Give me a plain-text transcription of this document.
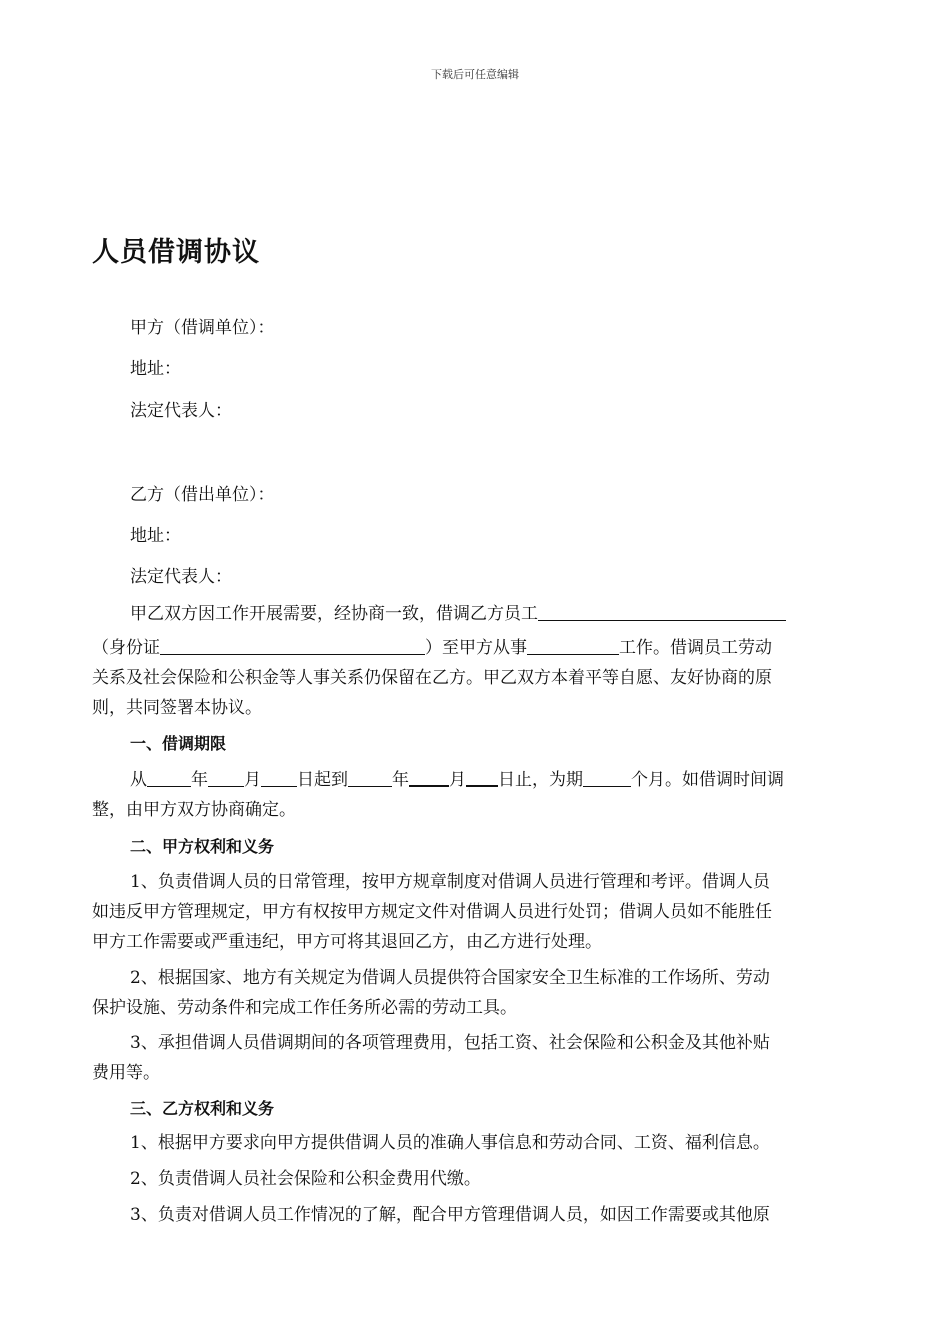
下载后可任意编辑
人员借调协议
甲方（借调单位）：
地址：
法定代表人：
乙方（借出单位）：
地址：
法定代表人：
甲乙双方因工作开展需要，经协商一致，借调乙方员工
（身份证	）至甲方从事	工作。借调员工劳动
关系及社会保险和公积金等人事关系仍保留在乙方。甲乙双方本着平等自愿、友好协商的原
则，共同签署本协议。
一、借调期限
从	年 月 日起到	年 月 日止，为期	个月。如借调时间调
整，由甲方双方协商确定。
二、甲方权利和义务
1、负责借调人员的日常管理，按甲方规章制度对借调人员进行管理和考评。借调人员
如违反甲方管理规定，甲方有权按甲方规定文件对借调人员进行处罚；借调人员如不能胜任
甲方工作需要或严重违纪，甲方可将其退回乙方，由乙方进行处理。
2、根据国家、地方有关规定为借调人员提供符合国家安全卫生标准的工作场所、劳动
保护设施、劳动条件和完成工作任务所必需的劳动工具。
3、承担借调人员借调期间的各项管理费用，包括工资、社会保险和公积金及其他补贴
费用等。
三、乙方权利和义务
1、根据甲方要求向甲方提供借调人员的准确人事信息和劳动合同、工资、福利信息。
2、负责借调人员社会保险和公积金费用代缴。
3、负责对借调人员工作情况的了解，配合甲方管理借调人员，如因工作需要或其他原
